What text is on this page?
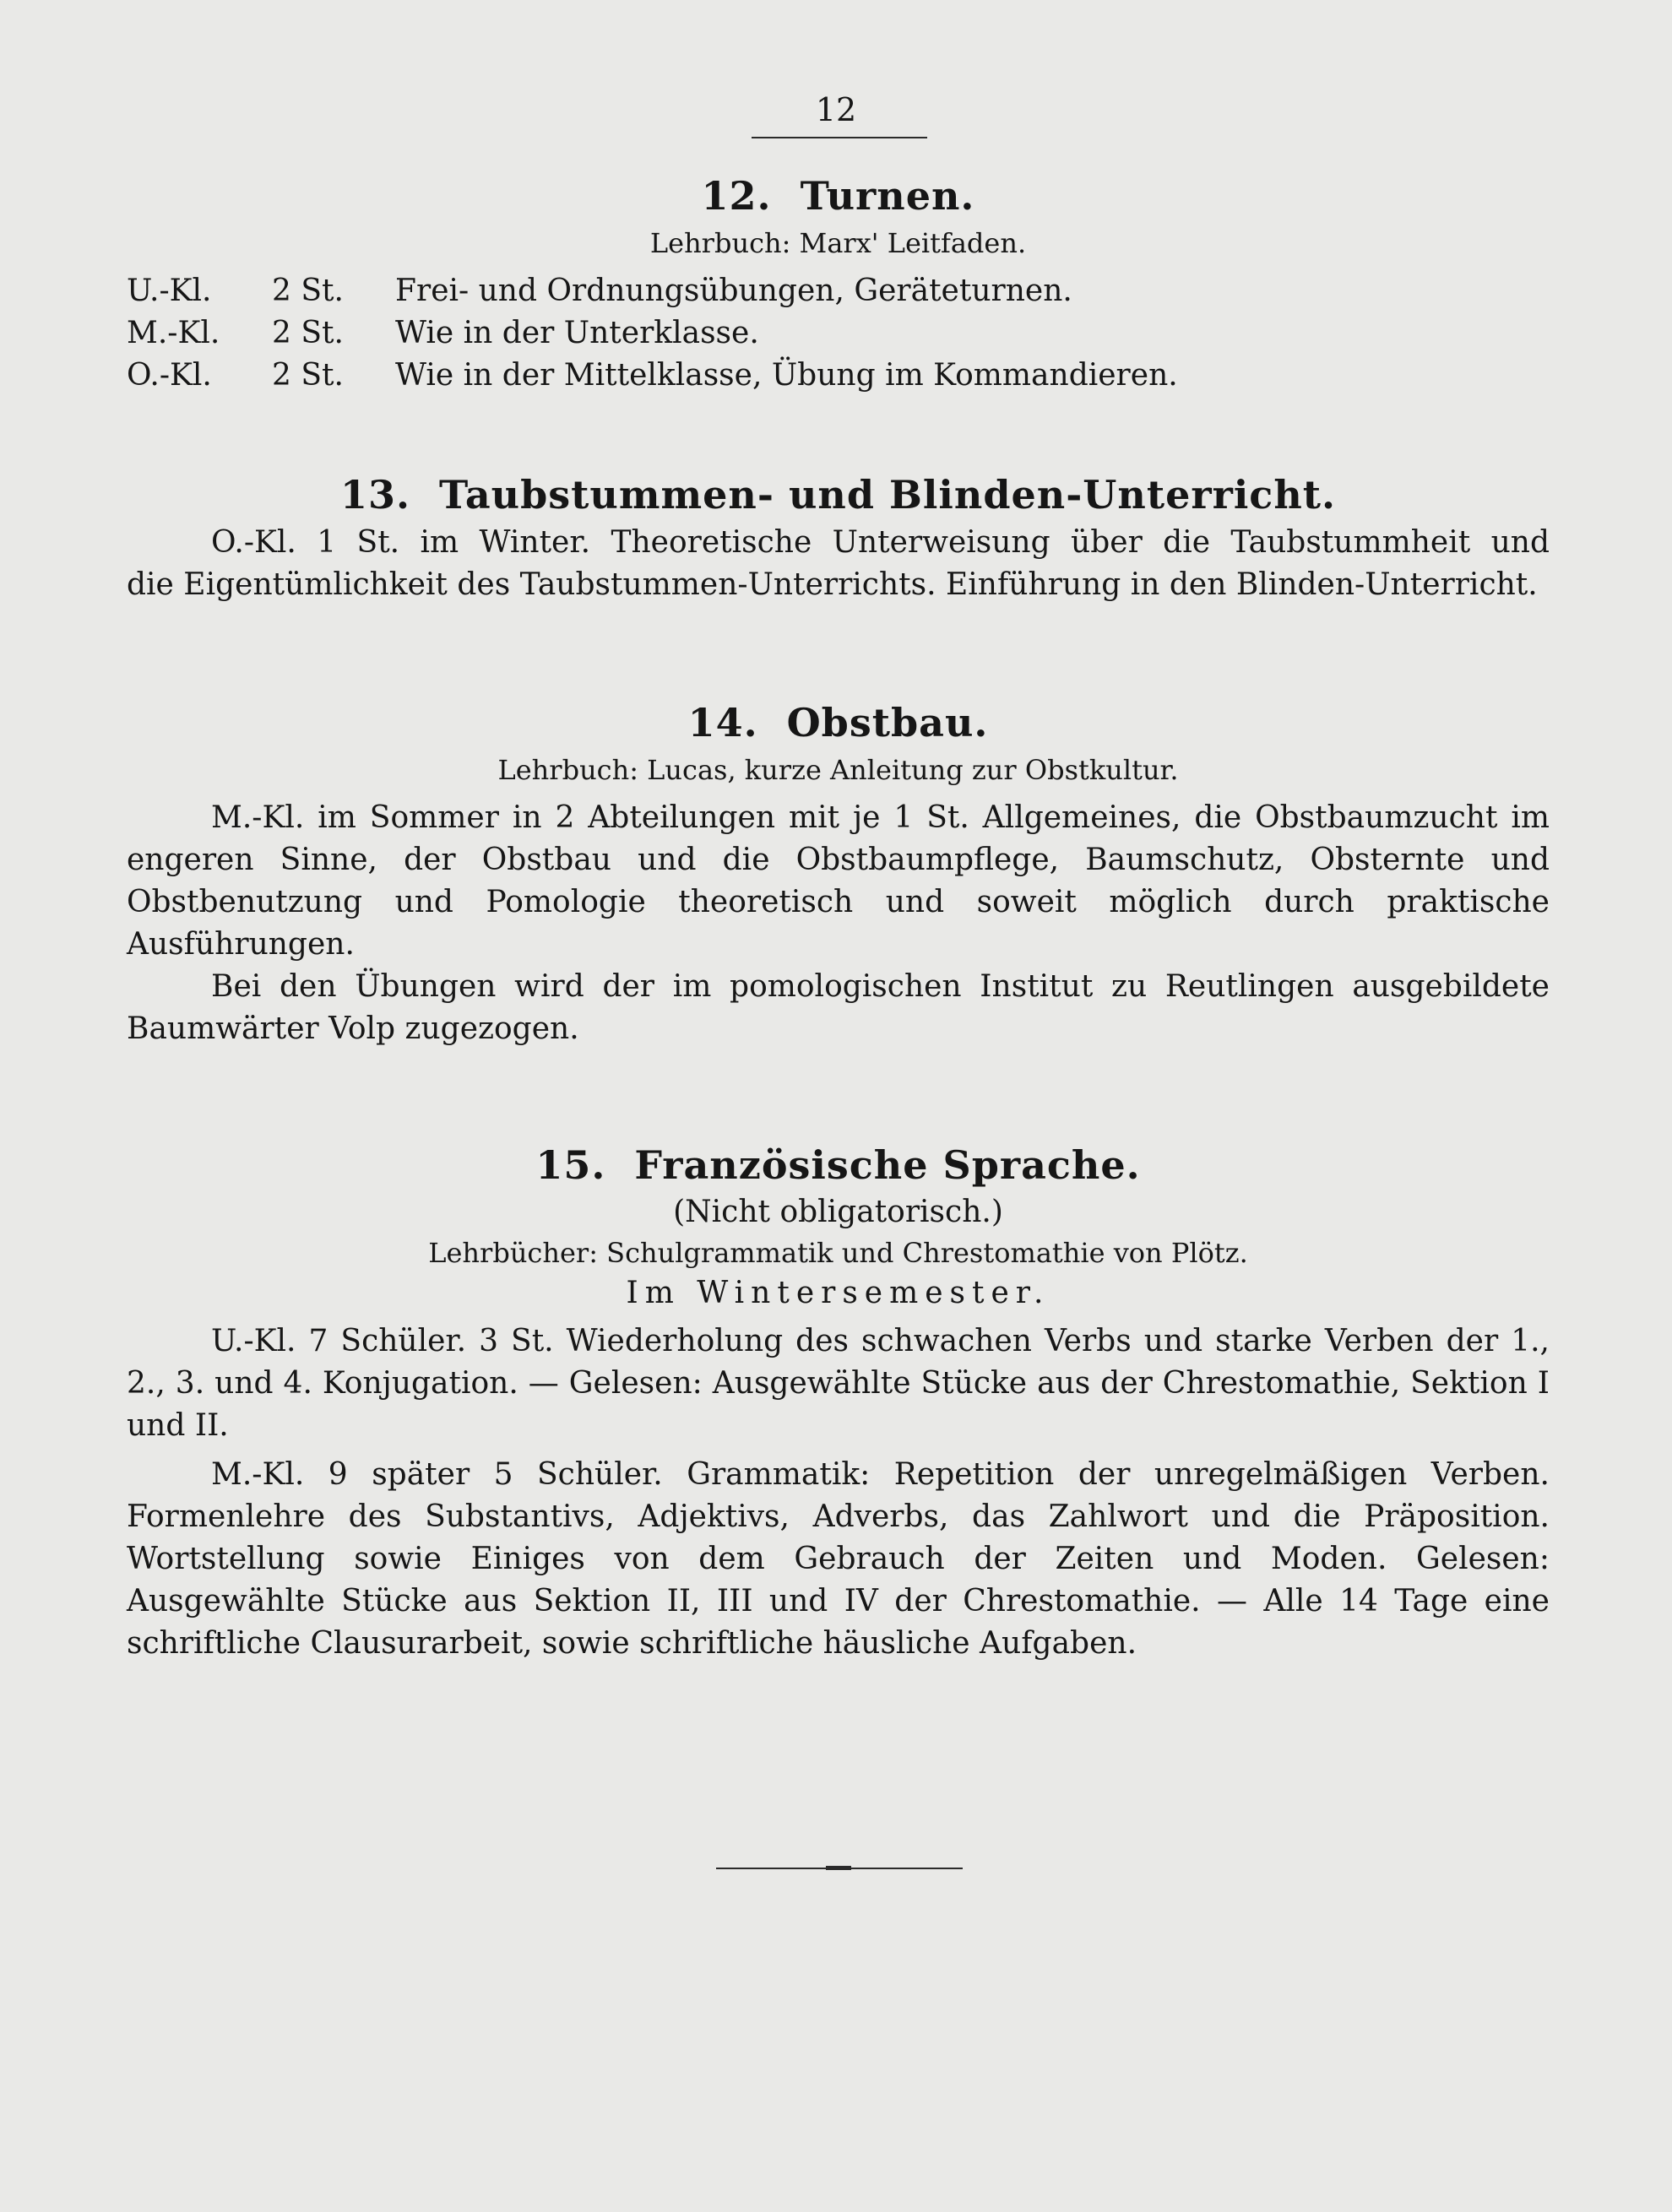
12

12. Turnen.

Lehrbuch: Marx' Leitfaden.

U.-Kl.	2 St.	Frei- und Ordnungsübungen, Geräteturnen.
M.-Kl.	2 St.	Wie in der Unterklasse.
O.-Kl.	2 St.	Wie in der Mittelklasse, Übung im Kommandieren.

13. Taubstummen- und Blinden-Unterricht.

O.-Kl. 1 St. im Winter. Theoretische Unterweisung über die Taubstummheit und

die Eigentümlichkeit des Taubstummen-Unterrichts. Einführung in den Blinden-Unterricht.

14. Obstbau.

Lehrbuch: Lucas, kurze Anleitung zur Obstkultur.

M.-Kl. im Sommer in 2 Abteilungen mit je 1 St. Allgemeines, die Obstbaumzucht im engeren Sinne, der Obstbau und die Obstbaumpflege, Baumschutz, Obsternte und Obstbenutzung und Pomologie theoretisch und soweit möglich durch praktische Ausführungen.

Bei den Übungen wird der im pomologischen Institut zu Reutlingen ausgebildete Baumwärter Volp zugezogen.

15. Französische Sprache.

(Nicht obligatorisch.)

Lehrbücher: Schulgrammatik und Chrestomathie von Plötz.

Im Wintersemester.

U.-Kl. 7 Schüler. 3 St. Wiederholung des schwachen Verbs und starke Verben der 1., 2., 3. und 4. Konjugation. — Gelesen: Ausgewählte Stücke aus der Chrestomathie, Sektion I und II.

M.-Kl. 9 später 5 Schüler. Grammatik: Repetition der unregelmäßigen Verben. Formenlehre des Substantivs, Adjektivs, Adverbs, das Zahlwort und die Präposition. Wortstellung sowie Einiges von dem Gebrauch der Zeiten und Moden. Gelesen: Ausgewählte Stücke aus Sektion II, III und IV der Chrestomathie. — Alle 14 Tage eine schriftliche Clausurarbeit, sowie schriftliche häusliche Aufgaben.
